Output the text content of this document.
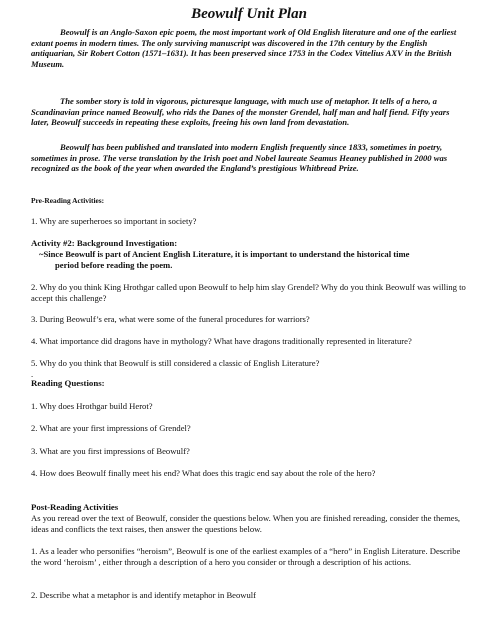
Beowulf Unit Plan

Beowulf is an Anglo-Saxon epic poem, the most important work of Old English literature and one of the earliest extant poems in modern times. The only surviving manuscript was discovered in the 17th century by the English antiquarian, Sir Robert Cotton (1571–1631). It has been preserved since 1753 in the Codex Vittelius AXV in the British Museum.

The somber story is told in vigorous, picturesque language, with much use of metaphor. It tells of a hero, a Scandinavian prince named Beowulf, who rids the Danes of the monster Grendel, half man and half fiend. Fifty years later, Beowulf succeeds in repeating these exploits, freeing his own land from devastation.

Beowulf has been published and translated into modern English frequently since 1833, sometimes in poetry, sometimes in prose. The verse translation by the Irish poet and Nobel laureate Seamus Heaney published in 2000 was recognized as the book of the year when awarded the England’s prestigious Whitbread Prize.

Pre-Reading Activities:

1. Why are superheroes so important in society?

Activity #2: Background Investigation:

~Since Beowulf is part of Ancient English Literature, it is important to understand the historical time
period before reading the poem.

2. Why do you think King Hrothgar called upon Beowulf to help him slay Grendel? Why do you think Beowulf was willing to accept this challenge?

3. During Beowulf’s era, what were some of the funeral procedures for warriors?

4. What importance did dragons have in mythology? What have dragons traditionally represented in literature?

5. Why do you think that Beowulf is still considered a classic of English Literature?

.

Reading Questions:

1. Why does Hrothgar build Herot?

2. What are your first impressions of Grendel?

3. What are you first impressions of Beowulf?

4. How does Beowulf finally meet his end? What does this tragic end say about the role of the hero?

Post-Reading Activities

As you reread over the text of Beowulf, consider the questions below. When you are finished rereading, consider the themes, ideas and conflicts the text raises, then answer the questions below.

1. As a leader who personifies “heroism”, Beowulf is one of the earliest examples of a “hero” in English Literature. Describe the word ‘heroism’ , either through a description of a hero you consider or through a description of his actions.

2. Describe what a metaphor is and identify metaphor in Beowulf
